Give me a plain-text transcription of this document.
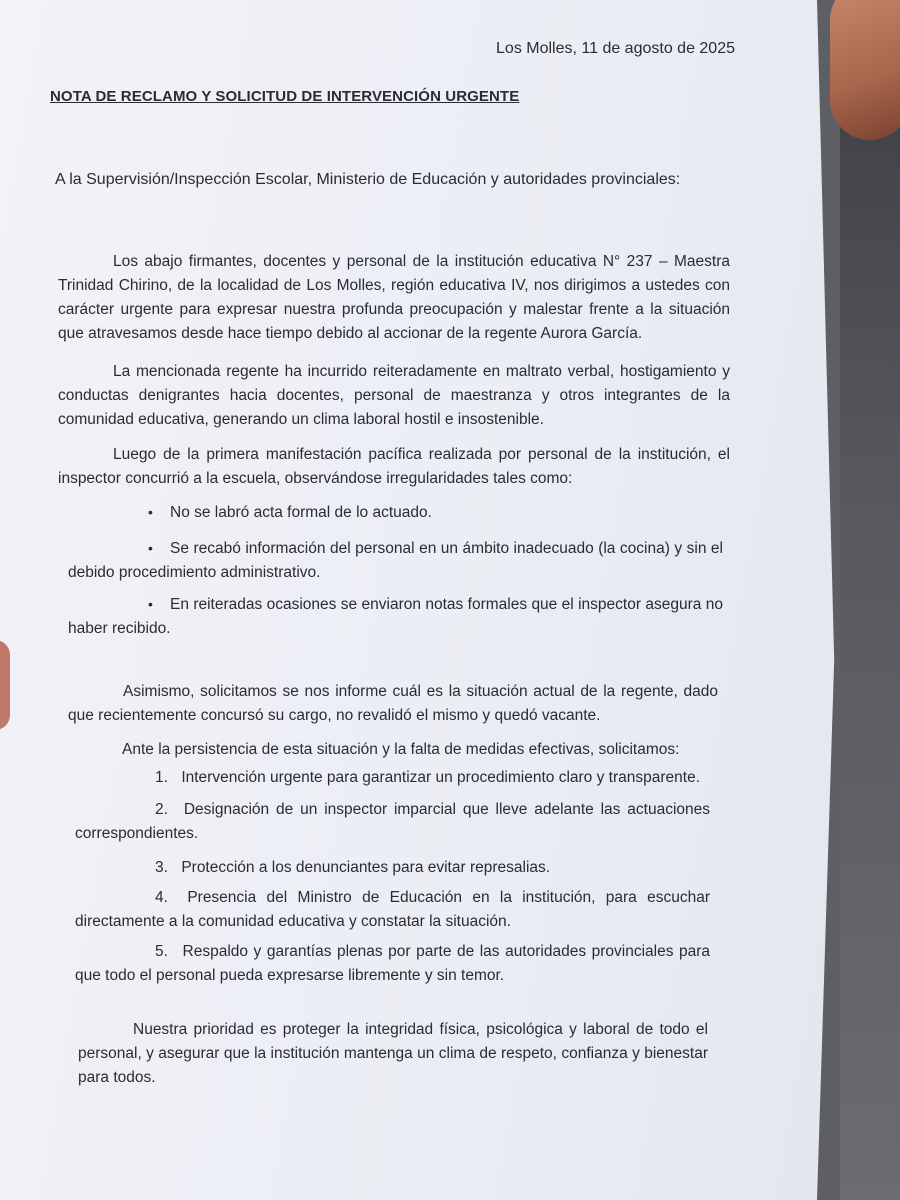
Los Molles, 11 de agosto de 2025
NOTA DE RECLAMO Y SOLICITUD DE INTERVENCIÓN URGENTE
A la Supervisión/Inspección Escolar, Ministerio de Educación y autoridades provinciales:
Los abajo firmantes, docentes y personal de la institución educativa N° 237 – Maestra Trinidad Chirino, de la localidad de Los Molles, región educativa IV, nos dirigimos a ustedes con carácter urgente para expresar nuestra profunda preocupación y malestar frente a la situación que atravesamos desde hace tiempo debido al accionar de la regente Aurora García.
La mencionada regente ha incurrido reiteradamente en maltrato verbal, hostigamiento y conductas denigrantes hacia docentes, personal de maestranza y otros integrantes de la comunidad educativa, generando un clima laboral hostil e insostenible.
Luego de la primera manifestación pacífica realizada por personal de la institución, el inspector concurrió a la escuela, observándose irregularidades tales como:
• No se labró acta formal de lo actuado.
• Se recabó información del personal en un ámbito inadecuado (la cocina) y sin el debido procedimiento administrativo.
• En reiteradas ocasiones se enviaron notas formales que el inspector asegura no haber recibido.
Asimismo, solicitamos se nos informe cuál es la situación actual de la regente, dado que recientemente concursó su cargo, no revalidó el mismo y quedó vacante.
Ante la persistencia de esta situación y la falta de medidas efectivas, solicitamos:
1. Intervención urgente para garantizar un procedimiento claro y transparente.
2. Designación de un inspector imparcial que lleve adelante las actuaciones correspondientes.
3. Protección a los denunciantes para evitar represalias.
4. Presencia del Ministro de Educación en la institución, para escuchar directamente a la comunidad educativa y constatar la situación.
5. Respaldo y garantías plenas por parte de las autoridades provinciales para que todo el personal pueda expresarse libremente y sin temor.
Nuestra prioridad es proteger la integridad física, psicológica y laboral de todo el personal, y asegurar que la institución mantenga un clima de respeto, confianza y bienestar para todos.
